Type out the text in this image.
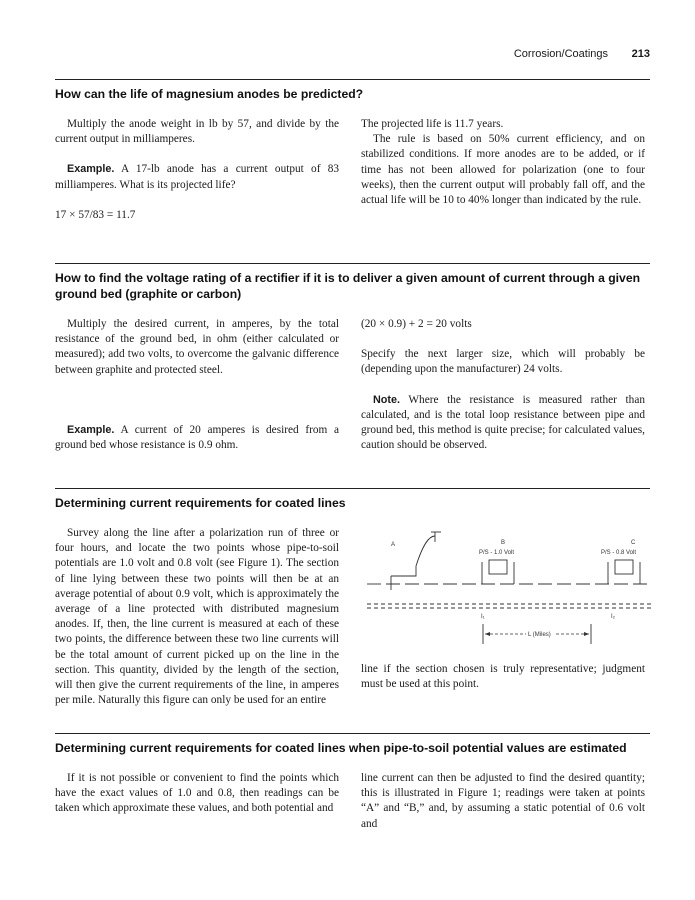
Corrosion/Coatings 213
How can the life of magnesium anodes be predicted?

Multiply the anode weight in lb by 57, and divide by the current output in milliamperes.

Example. A 17-lb anode has a current output of 83 milliamperes. What is its projected life?

17 × 57/83 = 11.7

The projected life is 11.7 years.

The rule is based on 50% current efficiency, and on stabilized conditions. If more anodes are to be added, or if time has not been allowed for polarization (one to four weeks), then the current output will probably fall off, and the actual life will be 10 to 40% longer than indicated by the rule.

How to find the voltage rating of a rectifier if it is to deliver a given amount of current through a given ground bed (graphite or carbon)

Multiply the desired current, in amperes, by the total resistance of the ground bed, in ohm (either calculated or measured); add two volts, to overcome the galvanic difference between graphite and protected steel.

Example. A current of 20 amperes is desired from a ground bed whose resistance is 0.9 ohm.

(20 × 0.9) + 2 = 20 volts

Specify the next larger size, which will probably be (depending upon the manufacturer) 24 volts.

Note. Where the resistance is measured rather than calculated, and is the total loop resistance between pipe and ground bed, this method is quite precise; for calculated values, caution should be observed.

Determining current requirements for coated lines

Survey along the line after a polarization run of three or four hours, and locate the two points whose pipe-to-soil potentials are 1.0 volt and 0.8 volt (see Figure 1). The section of line lying between these two points will then be at an average potential of about 0.9 volt, which is approximately the average of a line protected with distributed magnesium anodes. If, then, the line current is measured at each of these two points, the difference between these two line currents will be the total amount of current picked up on the line in the section. This quantity, divided by the length of the section, will then give the current requirements of the line, in amperes per mile. Naturally this figure can only be used for an entire

A	B	C
P/S - 1.0 Volt	P/S - 0.8 Volt
I₁	I₂
L (Miles)

line if the section chosen is truly representative; judgment must be used at this point.

Determining current requirements for coated lines when pipe-to-soil potential values are estimated

If it is not possible or convenient to find the points which have the exact values of 1.0 and 0.8, then readings can be taken which approximate these values, and both potential and

line current can then be adjusted to find the desired quantity; this is illustrated in Figure 1; readings were taken at points “A” and “B,” and, by assuming a static potential of 0.6 volt and
